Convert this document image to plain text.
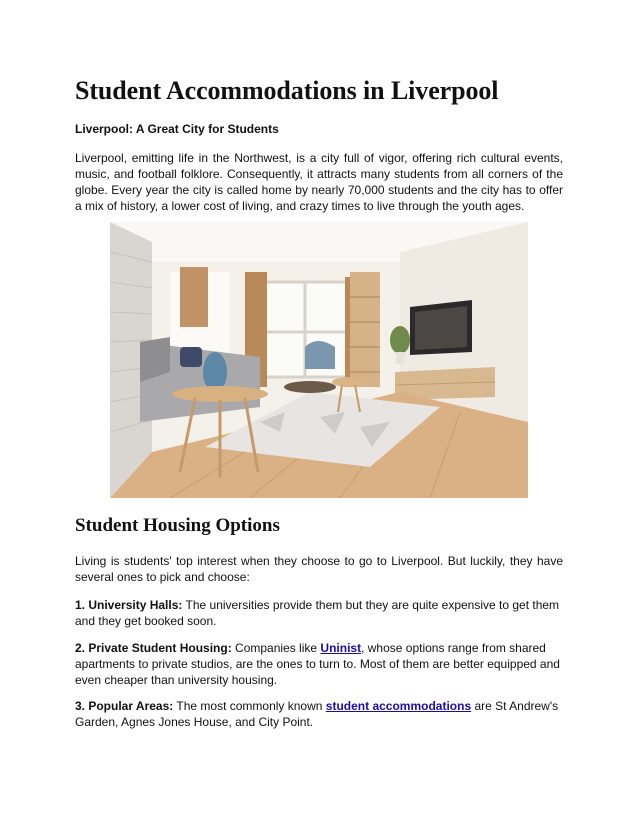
Student Accommodations in Liverpool

Liverpool: A Great City for Students

Liverpool, emitting life in the Northwest, is a city full of vigor, offering rich cultural events, music, and football folklore. Consequently, it attracts many students from all corners of the globe. Every year the city is called home by nearly 70,000 students and the city has to offer a mix of history, a lower cost of living, and crazy times to live through the youth ages.

Student Housing Options

Living is students' top interest when they choose to go to Liverpool. But luckily, they have several ones to pick and choose:

1. University Halls: The universities provide them but they are quite expensive to get them and they get booked soon.

2. Private Student Housing: Companies like Uninist, whose options range from shared apartments to private studios, are the ones to turn to. Most of them are better equipped and even cheaper than university housing.

3. Popular Areas: The most commonly known student accommodations are St Andrew's Garden, Agnes Jones House, and City Point.
